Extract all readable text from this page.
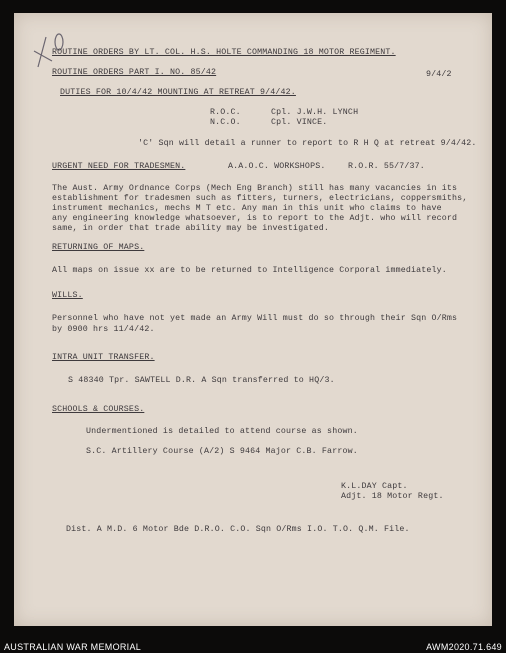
ROUTINE ORDERS BY LT. COL. H.S. HOLTE COMMANDING 18 MOTOR REGIMENT.
ROUTINE ORDERS PART I. NO. 85/42	9/4/2
DUTIES FOR 10/4/42 MOUNTING AT RETREAT 9/4/42.
R.O.C.	Cpl. J.W.H. LYNCH
N.C.O.	Cpl. VINCE.
'C' Sqn will detail a runner to report to R H Q at retreat 9/4/42.
URGENT NEED FOR TRADESMEN.	A.A.O.C. WORKSHOPS.	R.O.R. 55/7/37.
The Aust. Army Ordnance Corps (Mech Eng Branch) still has many vacancies in its
establishment for tradesmen such as fitters, turners, electricians, coppersmiths,
instrument mechanics, mechs M T etc. Any man in this unit who claims to have
any engineering knowledge whatsoever, is to report to the Adjt. who will record
same, in order that trade ability may be investigated.
RETURNING OF MAPS.
All maps on issue xx are to be returned to Intelligence Corporal immediately.
WILLS.
Personnel who have not yet made an Army Will must do so through their Sqn O/Rms
by 0900 hrs 11/4/42.
INTRA UNIT TRANSFER.
S 48340 Tpr. SAWTELL D.R. A Sqn transferred to HQ/3.
SCHOOLS & COURSES.
Undermentioned is detailed to attend course as shown.
S.C. Artillery Course (A/2) S 9464 Major C.B. Farrow.
K.L.DAY Capt.
Adjt. 18 Motor Regt.
Dist. A M.D. 6 Motor Bde D.R.O. C.O. Sqn O/Rms I.O. T.O. Q.M. File.
AUSTRALIAN WAR MEMORIAL	AWM2020.71.649
